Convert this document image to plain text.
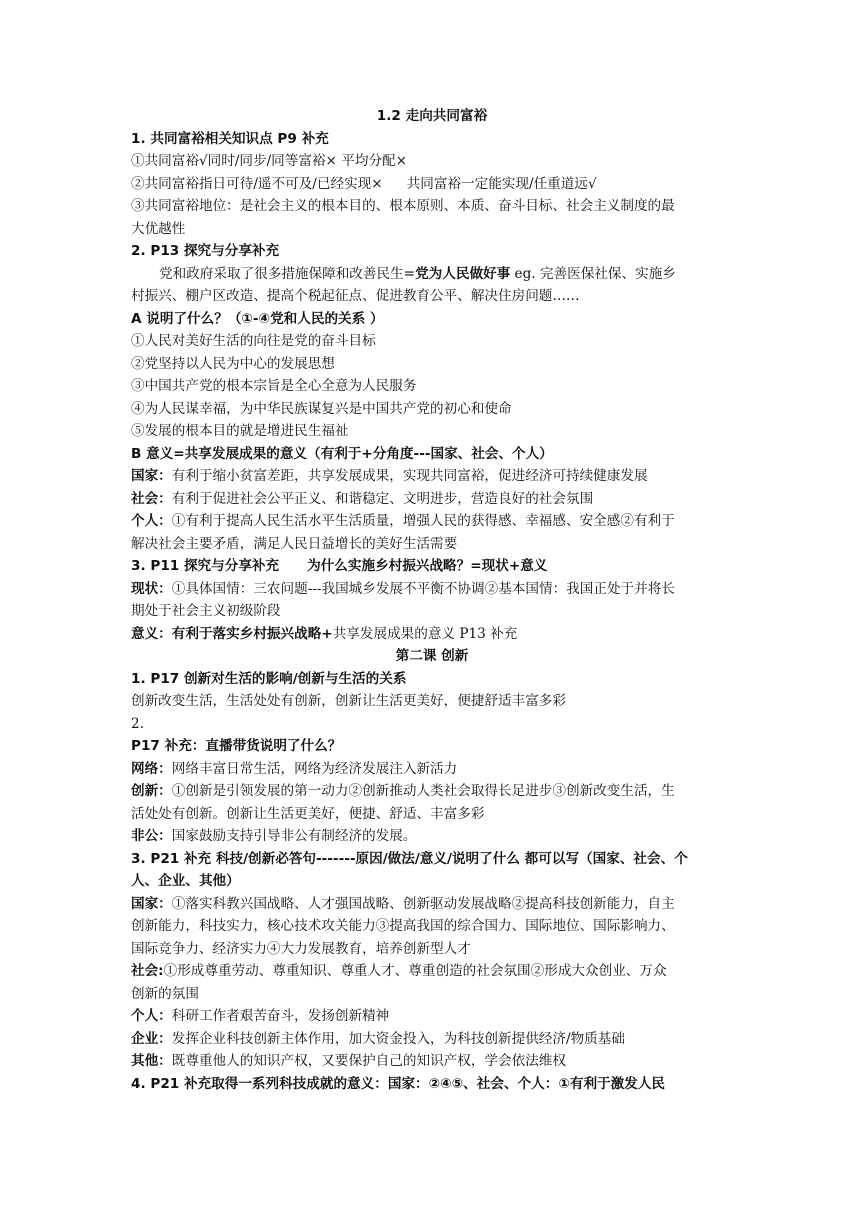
1.2 走向共同富裕
1. 共同富裕相关知识点 P9 补充
①共同富裕√同时/同步/同等富裕× 平均分配×
②共同富裕指日可待/遥不可及/已经实现× 共同富裕一定能实现/任重道远√
③共同富裕地位：是社会主义的根本目的、根本原则、本质、奋斗目标、社会主义制度的最
大优越性
2. P13 探究与分享补充
党和政府采取了很多措施保障和改善民生=党为人民做好事 eg. 完善医保社保、实施乡
村振兴、棚户区改造、提高个税起征点、促进教育公平、解决住房问题……
A 说明了什么？（①-④党和人民的关系 ）
①人民对美好生活的向往是党的奋斗目标
②党坚持以人民为中心的发展思想
③中国共产党的根本宗旨是全心全意为人民服务
④为人民谋幸福，为中华民族谋复兴是中国共产党的初心和使命
⑤发展的根本目的就是增进民生福祉
B 意义=共享发展成果的意义（有利于+分角度---国家、社会、个人）
国家：有利于缩小贫富差距，共享发展成果，实现共同富裕，促进经济可持续健康发展
社会：有利于促进社会公平正义、和谐稳定、文明进步，营造良好的社会氛围
个人：①有利于提高人民生活水平生活质量，增强人民的获得感、幸福感、安全感②有利于
解决社会主要矛盾，满足人民日益增长的美好生活需要
3. P11 探究与分享补充 为什么实施乡村振兴战略？=现状+意义
现状：①具体国情：三农问题---我国城乡发展不平衡不协调②基本国情：我国正处于并将长
期处于社会主义初级阶段
意义：有利于落实乡村振兴战略+共享发展成果的意义 P13 补充
第二课 创新
1. P17 创新对生活的影响/创新与生活的关系
创新改变生活，生活处处有创新，创新让生活更美好，便捷舒适丰富多彩
2.
P17 补充：直播带货说明了什么？
网络：网络丰富日常生活，网络为经济发展注入新活力
创新：①创新是引领发展的第一动力②创新推动人类社会取得长足进步③创新改变生活，生
活处处有创新。创新让生活更美好，便捷、舒适、丰富多彩
非公：国家鼓励支持引导非公有制经济的发展。
3. P21 补充 科技/创新必答句-------原因/做法/意义/说明了什么 都可以写（国家、社会、个
人、企业、其他）
国家：①落实科教兴国战略、人才强国战略、创新驱动发展战略②提高科技创新能力，自主
创新能力，科技实力，核心技术攻关能力③提高我国的综合国力、国际地位、国际影响力、
国际竞争力、经济实力④大力发展教育，培养创新型人才
社会:①形成尊重劳动、尊重知识、尊重人才、尊重创造的社会氛围②形成大众创业、万众
创新的氛围
个人：科研工作者艰苦奋斗，发扬创新精神
企业：发挥企业科技创新主体作用，加大资金投入，为科技创新提供经济/物质基础
其他：既尊重他人的知识产权，又要保护自己的知识产权，学会依法维权
4. P21 补充取得一系列科技成就的意义：国家：②④⑤、社会、个人：①有利于激发人民
